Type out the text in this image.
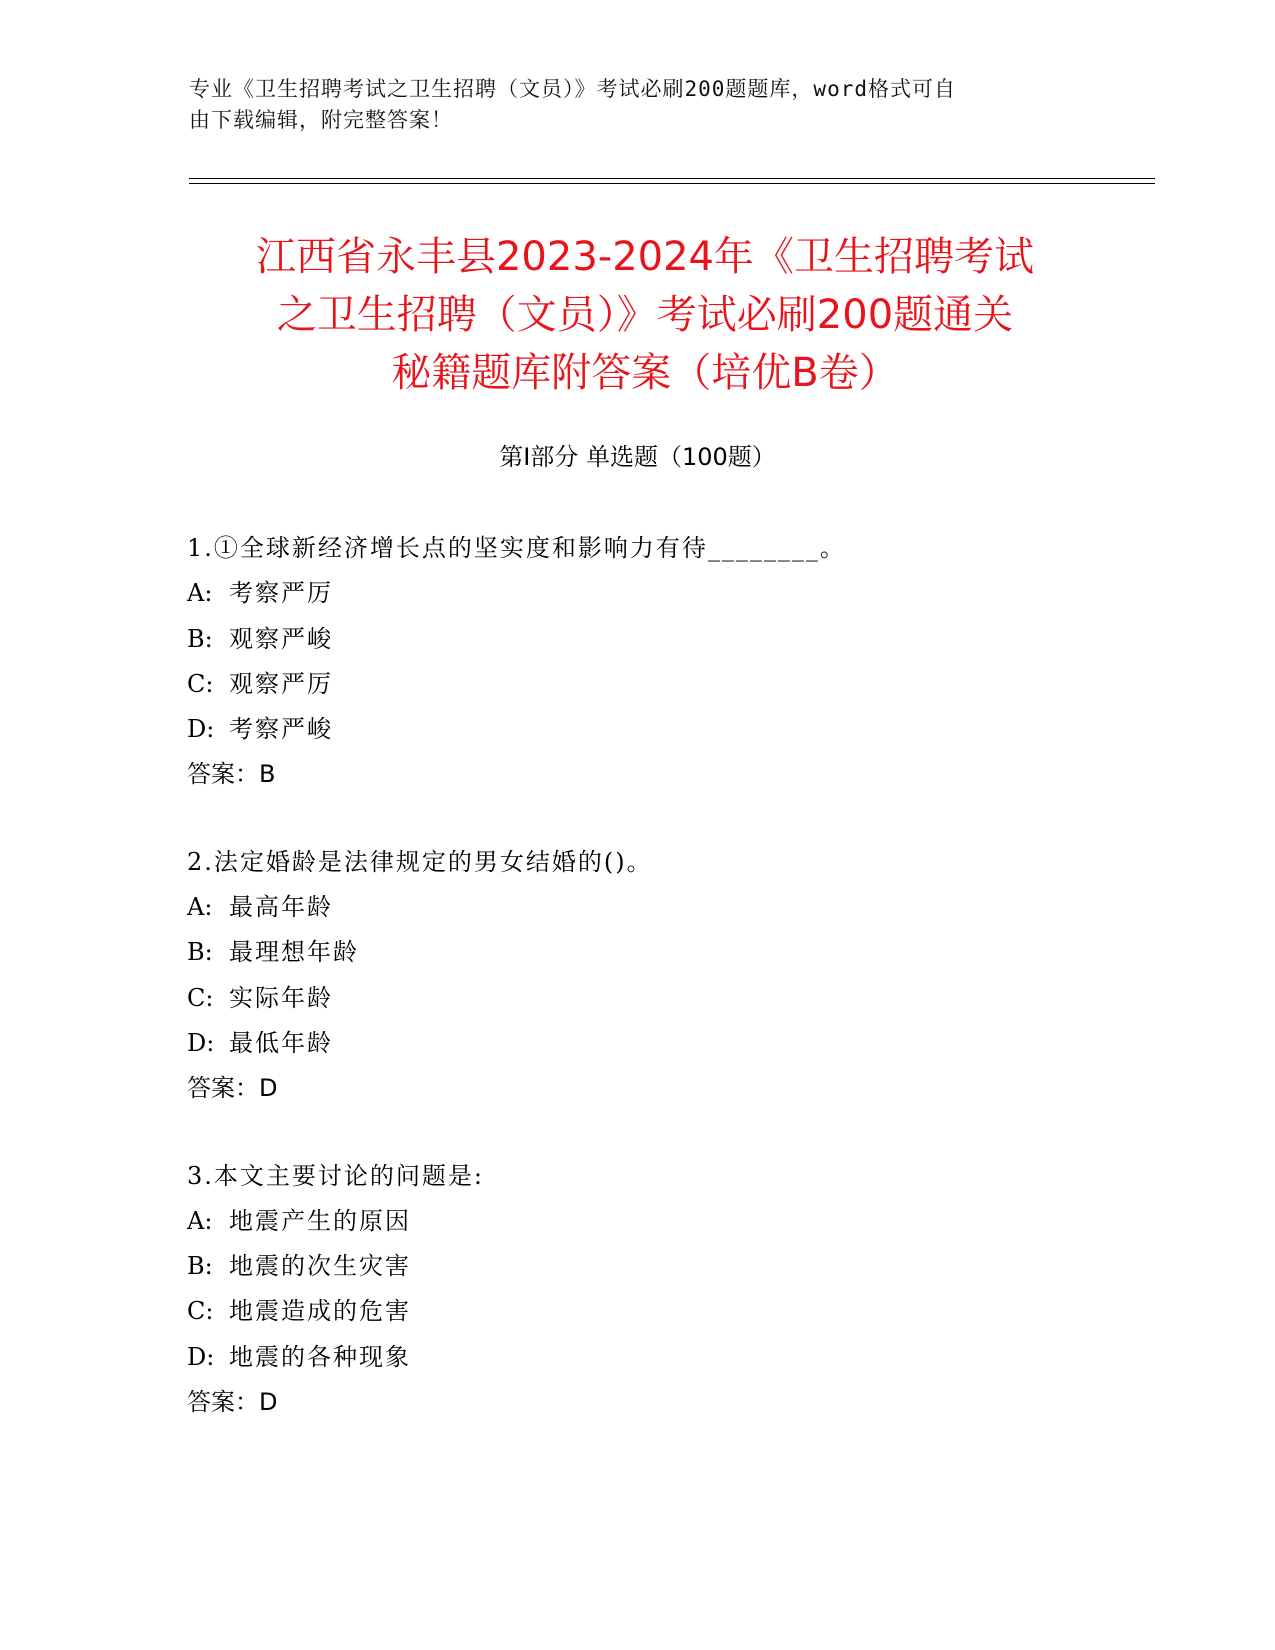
专业《卫生招聘考试之卫生招聘（文员）》考试必刷200题题库，word格式可自
由下载编辑，附完整答案！
江西省永丰县2023-2024年《卫生招聘考试
之卫生招聘（文员）》考试必刷200题通关
秘籍题库附答案（培优B卷）
第Ⅰ部分 单选题（100题）
1.①全球新经济增长点的坚实度和影响力有待________。
A: 考察严厉
B: 观察严峻
C: 观察严厉
D: 考察严峻
答案：B
2.法定婚龄是法律规定的男女结婚的()。
A: 最高年龄
B: 最理想年龄
C: 实际年龄
D: 最低年龄
答案：D
3.本文主要讨论的问题是:
A: 地震产生的原因
B: 地震的次生灾害
C: 地震造成的危害
D: 地震的各种现象
答案：D
